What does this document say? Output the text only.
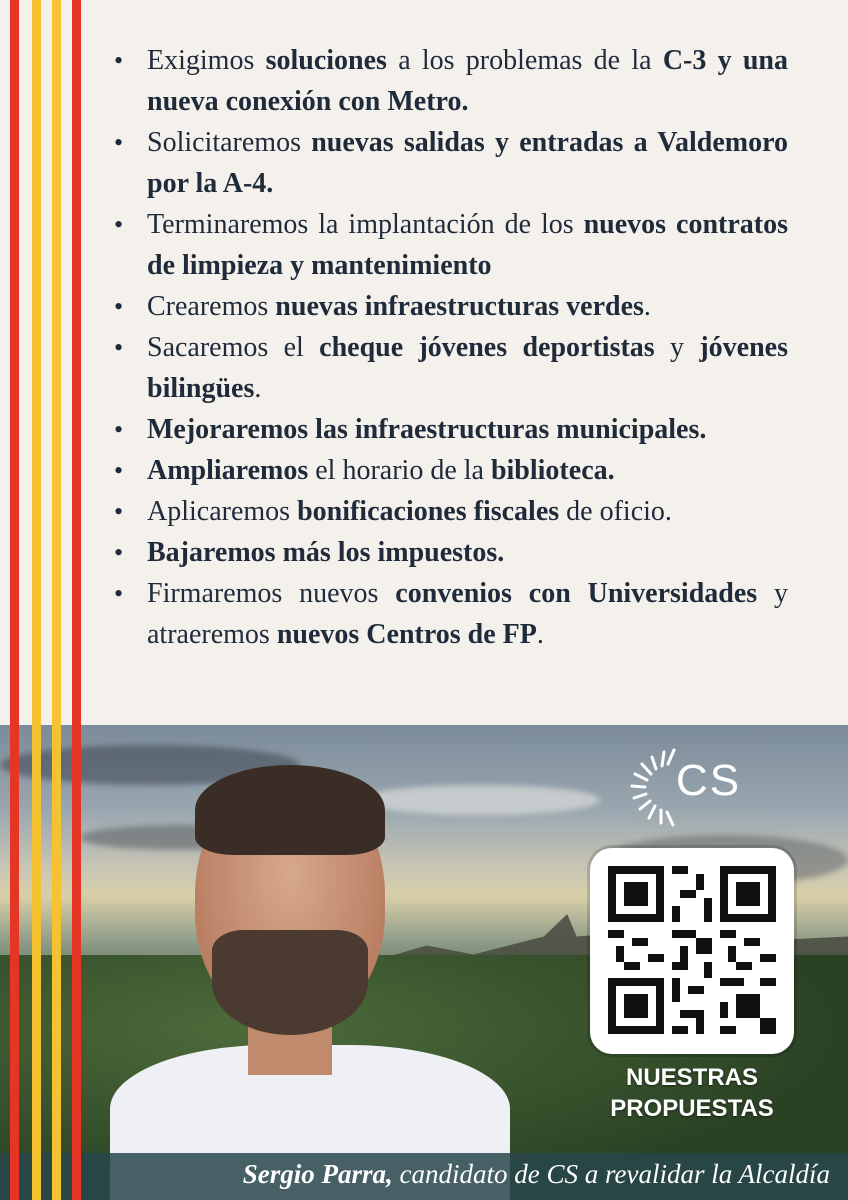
• Exigimos soluciones a los problemas de la C-3 y una nueva conexión con Metro.
• Solicitaremos nuevas salidas y entradas a Valdemoro por la A-4.
• Terminaremos la implantación de los nuevos contratos de limpieza y mantenimiento
• Crearemos nuevas infraestructuras verdes.
• Sacaremos el cheque jóvenes deportistas y jóvenes bilingües.
• Mejoraremos las infraestructuras municipales.
• Ampliaremos el horario de la biblioteca.
• Aplicaremos bonificaciones fiscales de oficio.
• Bajaremos más los impuestos.
• Firmaremos nuevos convenios con Universidades y atraeremos nuevos Centros de FP.
CS
NUESTRAS
PROPUESTAS
Sergio Parra, candidato de CS a revalidar la Alcaldía
